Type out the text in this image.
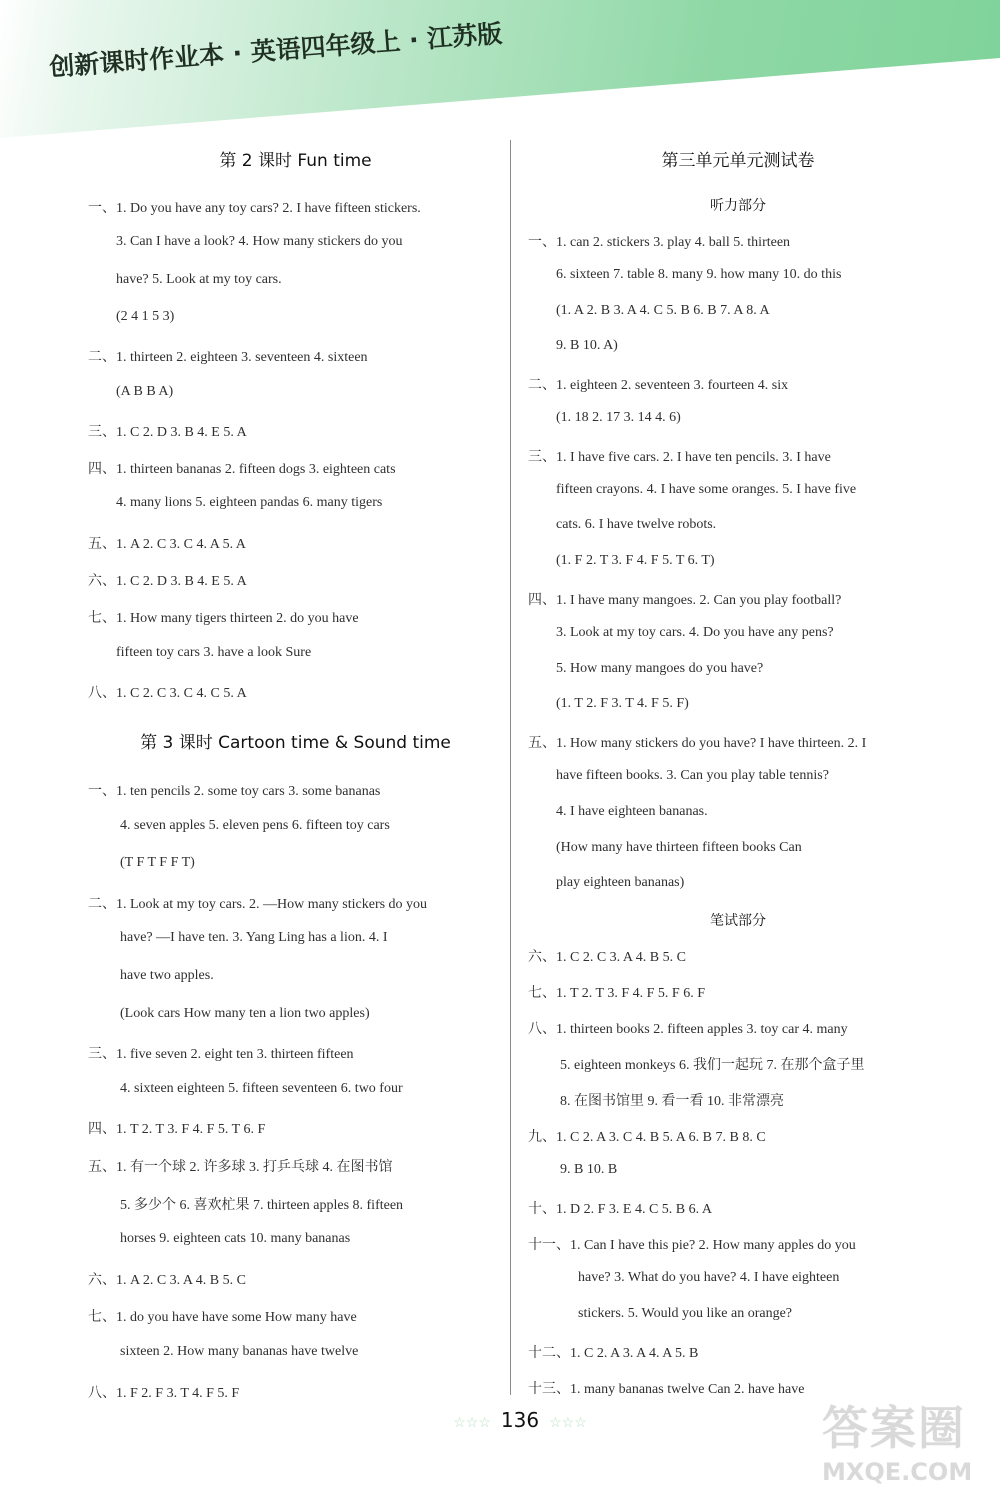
创新课时作业本 · 英语四年级上 · 江苏版
第 2 课时 Fun time
一、1. Do you have any toy cars? 2. I have fifteen stickers.
3. Can I have a look? 4. How many stickers do you
have? 5. Look at my toy cars.
(2 4 1 5 3)
二、1. thirteen 2. eighteen 3. seventeen 4. sixteen
(A B B A)
三、1. C 2. D 3. B 4. E 5. A
四、1. thirteen bananas 2. fifteen dogs 3. eighteen cats
4. many lions 5. eighteen pandas 6. many tigers
五、1. A 2. C 3. C 4. A 5. A
六、1. C 2. D 3. B 4. E 5. A
七、1. How many tigers thirteen 2. do you have
fifteen toy cars 3. have a look Sure
八、1. C 2. C 3. C 4. C 5. A
第 3 课时 Cartoon time & Sound time
一、1. ten pencils 2. some toy cars 3. some bananas
4. seven apples 5. eleven pens 6. fifteen toy cars
(T F T F F T)
二、1. Look at my toy cars. 2. —How many stickers do you
have? —I have ten. 3. Yang Ling has a lion. 4. I
have two apples.
(Look cars How many ten a lion two apples)
三、1. five seven 2. eight ten 3. thirteen fifteen
4. sixteen eighteen 5. fifteen seventeen 6. two four
四、1. T 2. T 3. F 4. F 5. T 6. F
五、1. 有一个球 2. 许多球 3. 打乒乓球 4. 在图书馆
5. 多少个 6. 喜欢杧果 7. thirteen apples 8. fifteen
horses 9. eighteen cats 10. many bananas
六、1. A 2. C 3. A 4. B 5. C
七、1. do you have have some How many have
sixteen 2. How many bananas have twelve
八、1. F 2. F 3. T 4. F 5. F
第三单元单元测试卷
听力部分
一、1. can 2. stickers 3. play 4. ball 5. thirteen
6. sixteen 7. table 8. many 9. how many 10. do this
(1. A 2. B 3. A 4. C 5. B 6. B 7. A 8. A
9. B 10. A)
二、1. eighteen 2. seventeen 3. fourteen 4. six
(1. 18 2. 17 3. 14 4. 6)
三、1. I have five cars. 2. I have ten pencils. 3. I have
fifteen crayons. 4. I have some oranges. 5. I have five
cats. 6. I have twelve robots.
(1. F 2. T 3. F 4. F 5. T 6. T)
四、1. I have many mangoes. 2. Can you play football?
3. Look at my toy cars. 4. Do you have any pens?
5. How many mangoes do you have?
(1. T 2. F 3. T 4. F 5. F)
五、1. How many stickers do you have? I have thirteen. 2. I
have fifteen books. 3. Can you play table tennis?
4. I have eighteen bananas.
(How many have thirteen fifteen books Can
play eighteen bananas)
笔试部分
六、1. C 2. C 3. A 4. B 5. C
七、1. T 2. T 3. F 4. F 5. F 6. F
八、1. thirteen books 2. fifteen apples 3. toy car 4. many
5. eighteen monkeys 6. 我们一起玩 7. 在那个盒子里
8. 在图书馆里 9. 看一看 10. 非常漂亮
九、1. C 2. A 3. C 4. B 5. A 6. B 7. B 8. C
9. B 10. B
十、1. D 2. F 3. E 4. C 5. B 6. A
十一、1. Can I have this pie? 2. How many apples do you
have? 3. What do you have? 4. I have eighteen
stickers. 5. Would you like an orange?
十二、1. C 2. A 3. A 4. A 5. B
十三、1. many bananas twelve Can 2. have have
☆☆☆ 136 ☆☆☆	答案圈
MXQE.COM
